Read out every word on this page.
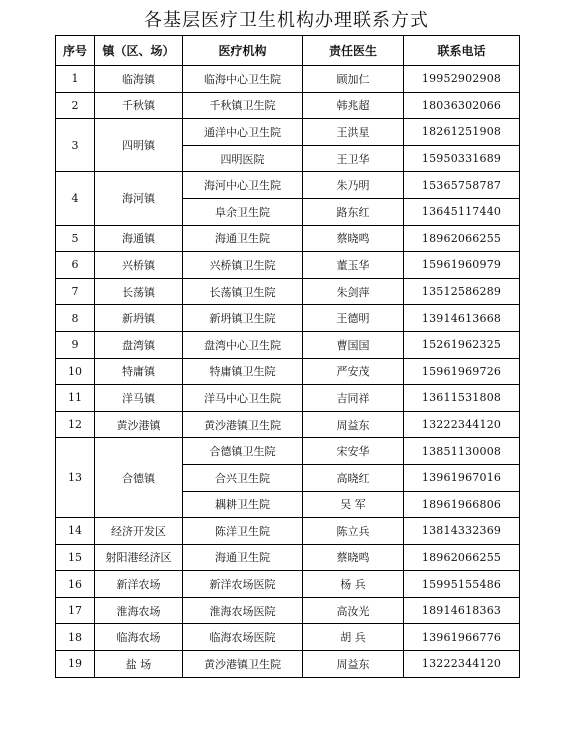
各基层医疗卫生机构办理联系方式
序号	镇（区、场）	医疗机构	责任医生	联系电话
1	临海镇	临海中心卫生院	顾加仁	19952902908
2	千秋镇	千秋镇卫生院	韩兆超	18036302066
3	四明镇	通洋中心卫生院	王洪星	18261251908
		四明医院	王卫华	15950331689
4	海河镇	海河中心卫生院	朱乃明	15365758787
		阜余卫生院	路东红	13645117440
5	海通镇	海通卫生院	蔡晓鸣	18962066255
6	兴桥镇	兴桥镇卫生院	董玉华	15961960979
7	长荡镇	长荡镇卫生院	朱剑萍	13512586289
8	新坍镇	新坍镇卫生院	王德明	13914613668
9	盘湾镇	盘湾中心卫生院	曹国国	15261962325
10	特庸镇	特庸镇卫生院	严安茂	15961969726
11	洋马镇	洋马中心卫生院	吉同祥	13611531808
12	黄沙港镇	黄沙港镇卫生院	周益东	13222344120
13	合德镇	合德镇卫生院	宋安华	13851130008
		合兴卫生院	高晓红	13961967016
		耦耕卫生院	吴 军	18961966806
14	经济开发区	陈洋卫生院	陈立兵	13814332369
15	射阳港经济区	海通卫生院	蔡晓鸣	18962066255
16	新洋农场	新洋农场医院	杨 兵	15995155486
17	淮海农场	淮海农场医院	高汝光	18914618363
18	临海农场	临海农场医院	胡 兵	13961966776
19	盐 场	黄沙港镇卫生院	周益东	13222344120
